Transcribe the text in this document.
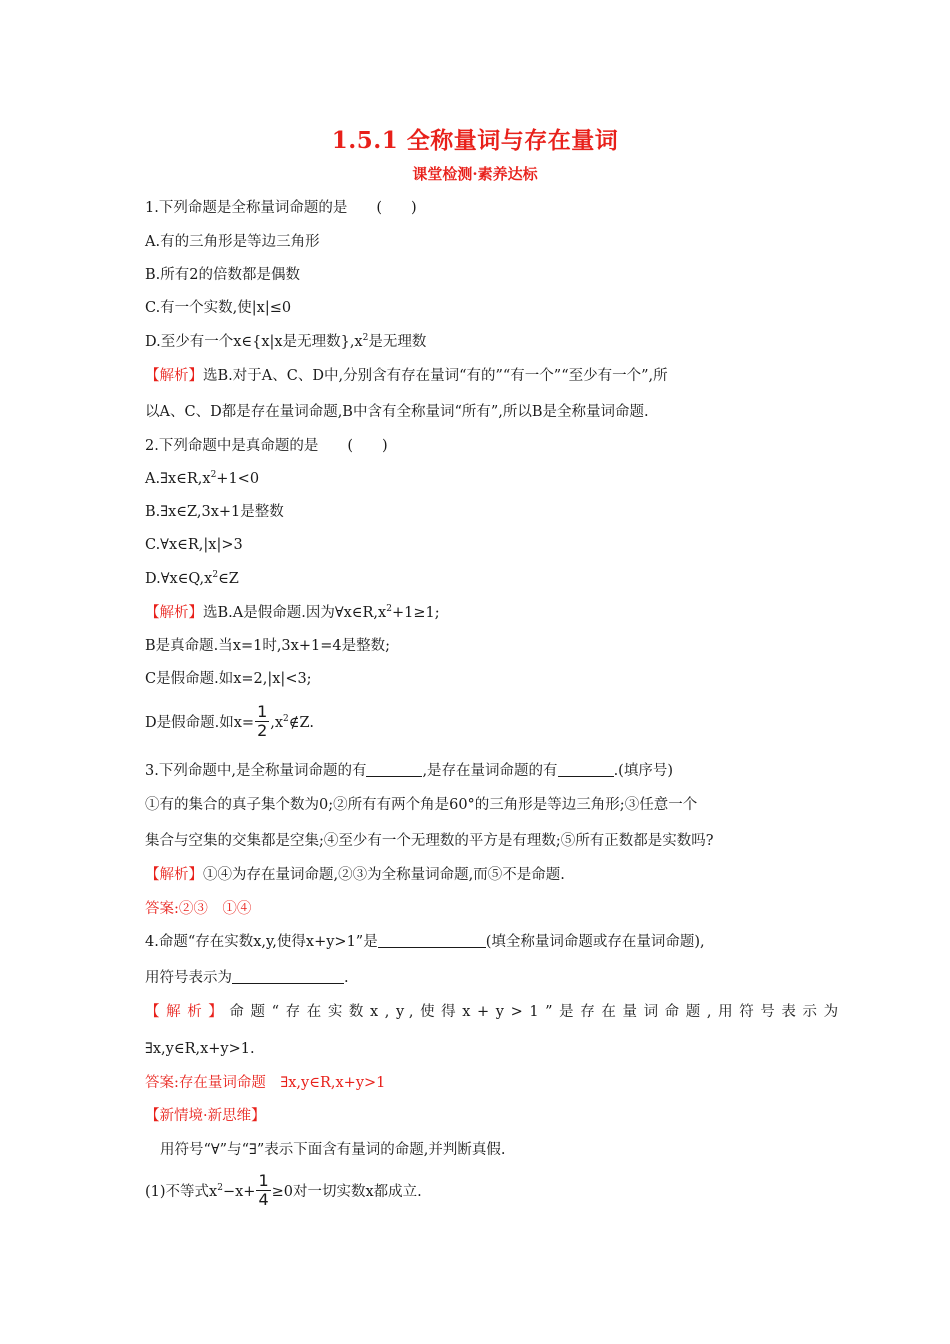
1.5.1 全称量词与存在量词
课堂检测·素养达标
1.下列命题是全称量词命题的是　　(　　)
A.有的三角形是等边三角形
B.所有2的倍数都是偶数
C.有一个实数,使|x|≤0
D.至少有一个x∈{x|x是无理数}$,x^2$是无理数
【解析】选B.对于A、C、D中,分别含有存在量词“有的”“有一个”“至少有一个”,所
以A、C、D都是存在量词命题,B中含有全称量词“所有”,所以B是全称量词命题.
2.下列命题中是真命题的是　　(　　)
$A.\exists x\in R,x^2+1<0$
B.∃x∈Z,3x+1是整数
C.∀x∈R,|x|>3
$D.\forall x\in Q,x^2\in Z$
【解析】选B.A是假命题.因为$\forall x\in R,x^2+1\ge 1$;
B是真命题.当x=1时,3x+1=4是整数;
C是假命题.如x=2,|x|<3;
D是假命题.如$x= \frac{1}{2}$ $,x^2\notin Z$.
3.下列命题中,是全称量词命题的有	,是存在量词命题的有	.(填序号)
①有的集合的真子集个数为0;②所有有两个角是60°的三角形是等边三角形;③任意一个
集合与空集的交集都是空集;④至少有一个无理数的平方是有理数;⑤所有正数都是实数吗?
【解析】①④为存在量词命题,②③为全称量词命题,而⑤不是命题.
答案:②③　①④
4.命题“存在实数x,y,使得x+y>1”是	(填全称量词命题或存在量词命题),
用符号表示为	.
【解析】命题“存在实数x,y,使得x+y>1”是存在量词命题,用符号表示为
∃x,y∈R,x+y>1.
答案:存在量词命题　∃x,y∈R,x+y>1
【新情境·新思维】
用符号“∀”与“∃”表示下面含有量词的命题,并判断真假.
(1)不等式$x^2-x+ \frac{1}{4} \ge 0$对一切实数x都成立.
